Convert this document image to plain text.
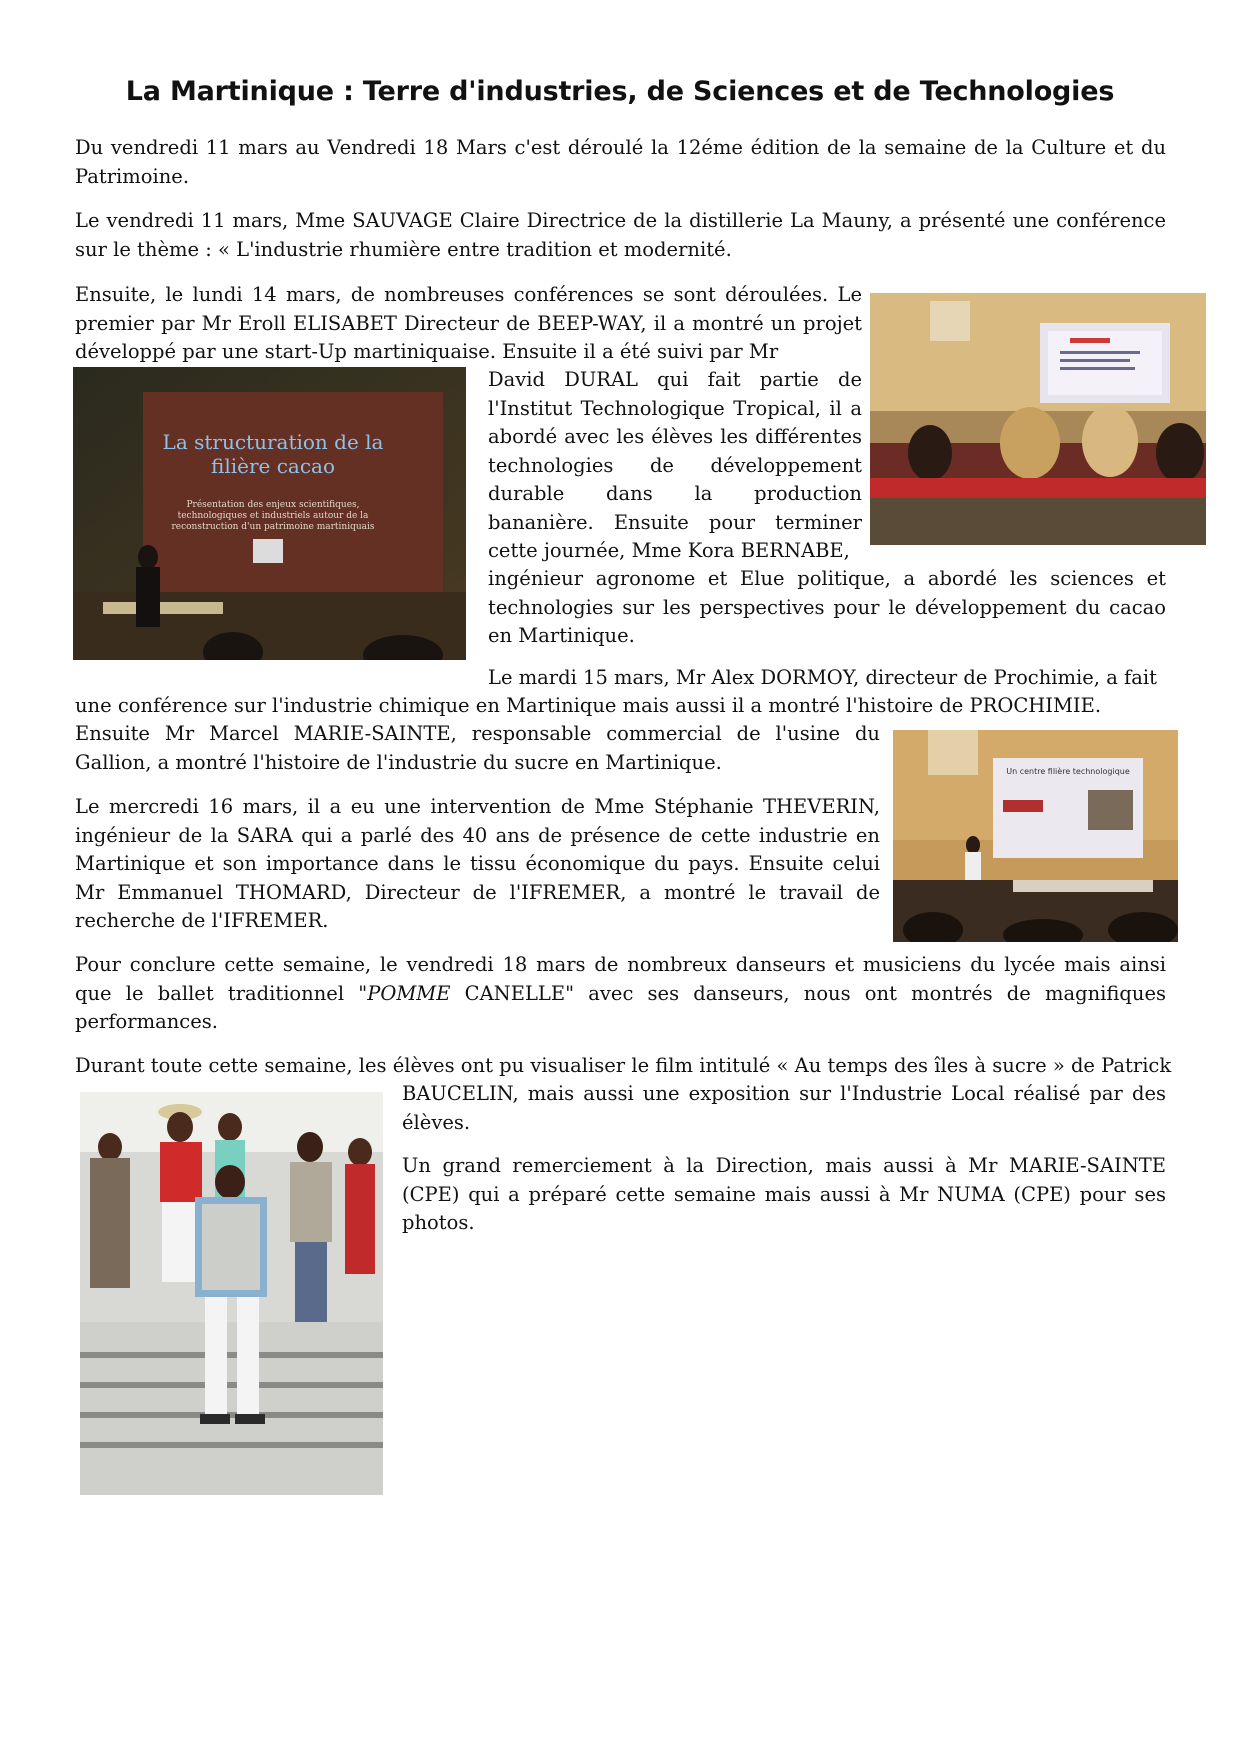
La Martinique : Terre d'industries, de Sciences et de Technologies

Du vendredi 11 mars au Vendredi 18 Mars c'est déroulé la 12éme édition de la semaine de la Culture et du Patrimoine.

Le vendredi 11 mars, Mme SAUVAGE Claire Directrice de la distillerie La Mauny, a présenté une conférence sur le thème : « L'industrie rhumière entre tradition et modernité.

Ensuite, le lundi 14 mars, de nombreuses conférences se sont déroulées. Le premier par Mr Eroll ELISABET Directeur de BEEP-WAY, il a montré un projet développé par une start-Up martiniquaise. Ensuite il a été suivi par Mr

David DURAL qui fait partie de l'Institut Technologique Tropical, il a abordé avec les élèves les différentes technologies de développement durable dans la production bananière. Ensuite pour terminer cette journée, Mme Kora BERNABE,

ingénieur agronome et Elue politique, a abordé les sciences et technologies sur les perspectives pour le développement du cacao en Martinique.

Le mardi 15 mars, Mr Alex DORMOY, directeur de Prochimie, a fait

une conférence sur l'industrie chimique en Martinique mais aussi il a montré l'histoire de PROCHIMIE.

Ensuite Mr Marcel MARIE-SAINTE, responsable commercial de l'usine du Gallion, a montré l'histoire de l'industrie du sucre en Martinique.

Le mercredi 16 mars, il a eu une intervention de Mme Stéphanie THEVERIN, ingénieur de la SARA qui a parlé des 40 ans de présence de cette industrie en Martinique et son importance dans le tissu économique du pays. Ensuite celui Mr Emmanuel THOMARD, Directeur de l'IFREMER, a montré le travail de recherche de l'IFREMER.

Pour conclure cette semaine, le vendredi 18 mars de nombreux danseurs et musiciens du lycée mais ainsi que le ballet traditionnel "POMME CANELLE" avec ses danseurs, nous ont montrés de magnifiques performances.

Durant toute cette semaine, les élèves ont pu visualiser le film intitulé « Au temps des îles à sucre » de Patrick

BAUCELIN, mais aussi une exposition sur l'Industrie Local réalisé par des élèves.

Un grand remerciement à la Direction, mais aussi à Mr MARIE-SAINTE (CPE) qui a préparé cette semaine mais aussi à Mr NUMA (CPE) pour ses photos.

La structuration de la
filière cacao
Présentation des enjeux scientifiques,
technologiques et industriels autour de la
reconstruction d'un patrimoine martiniquais
Un centre filière technologique
